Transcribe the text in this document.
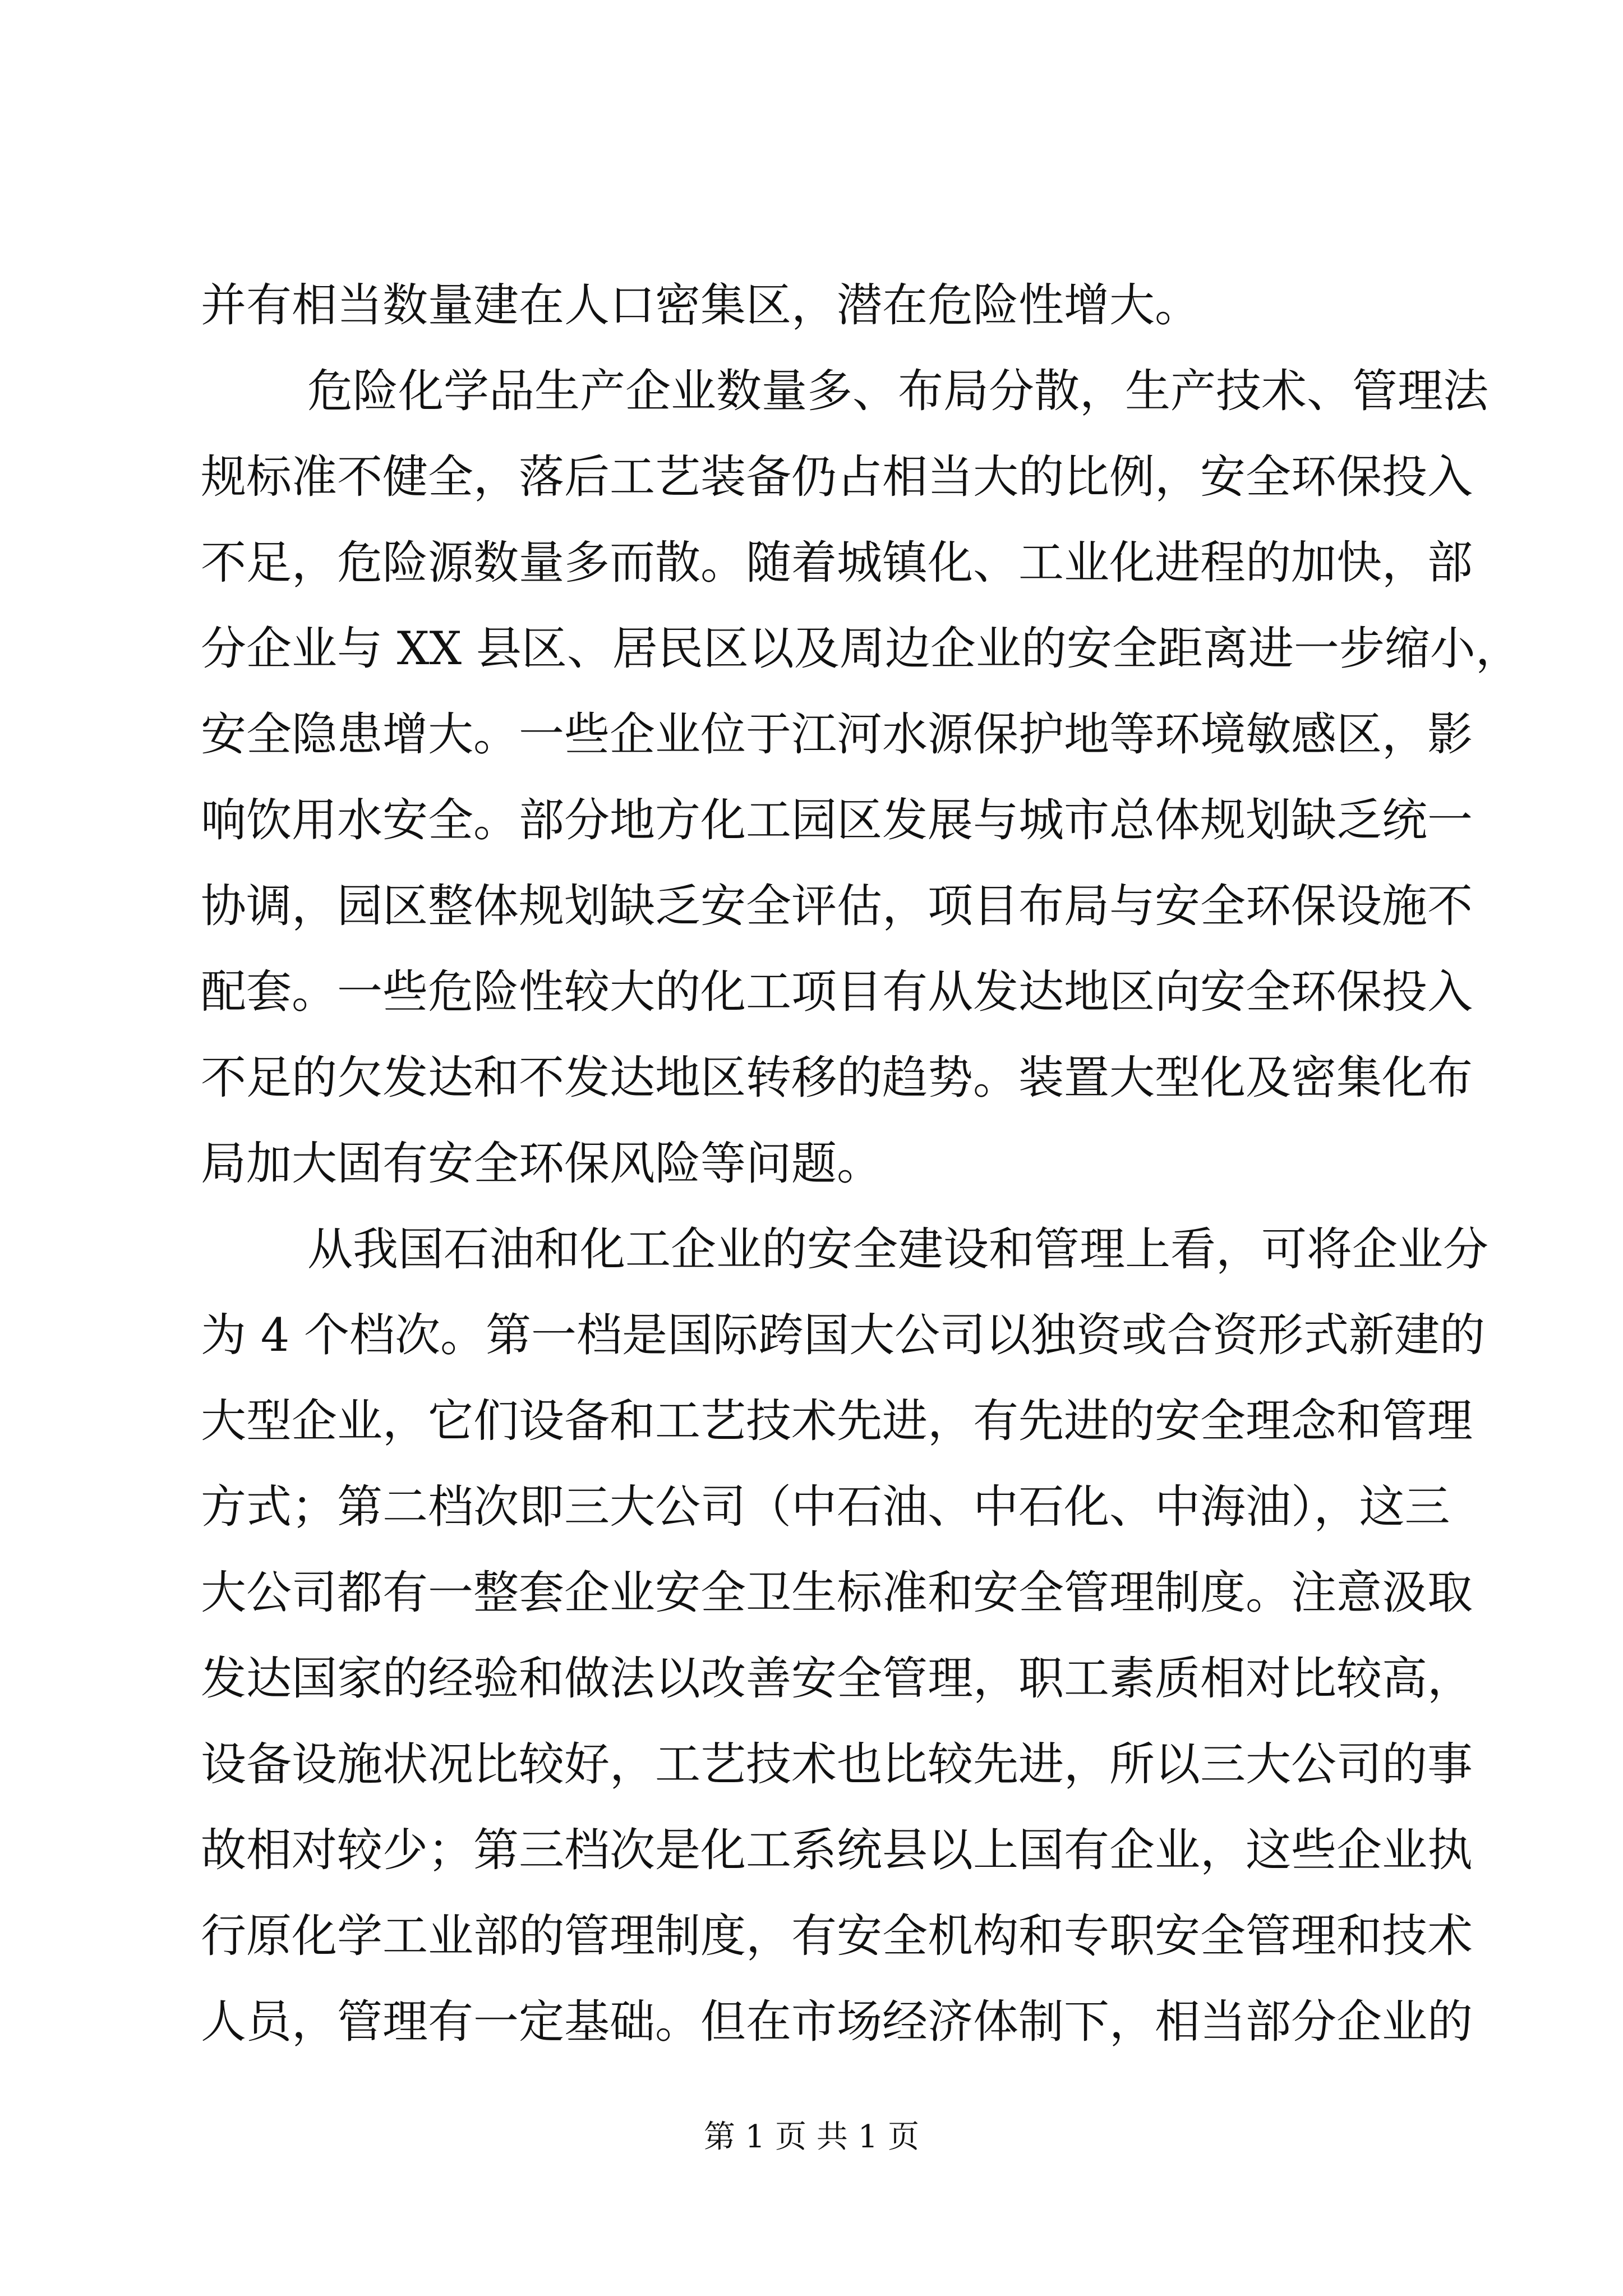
并有相当数量建在人口密集区，潜在危险性增大。
危险化学品生产企业数量多、布局分散，生产技术、管理法
规标准不健全，落后工艺装备仍占相当大的比例，安全环保投入
不足，危险源数量多而散。随着城镇化、工业化进程的加快，部
分企业与 XX 县区、居民区以及周边企业的安全距离进一步缩小，
安全隐患增大。一些企业位于江河水源保护地等环境敏感区，影
响饮用水安全。部分地方化工园区发展与城市总体规划缺乏统一
协调，园区整体规划缺乏安全评估，项目布局与安全环保设施不
配套。一些危险性较大的化工项目有从发达地区向安全环保投入
不足的欠发达和不发达地区转移的趋势。装置大型化及密集化布
局加大固有安全环保风险等问题。
从我国石油和化工企业的安全建设和管理上看，可将企业分
为 4 个档次。第一档是国际跨国大公司以独资或合资形式新建的
大型企业，它们设备和工艺技术先进，有先进的安全理念和管理
方式；第二档次即三大公司（中石油、中石化、中海油），这三
大公司都有一整套企业安全卫生标准和安全管理制度。注意汲取
发达国家的经验和做法以改善安全管理，职工素质相对比较高，
设备设施状况比较好，工艺技术也比较先进，所以三大公司的事
故相对较少；第三档次是化工系统县以上国有企业，这些企业执
行原化学工业部的管理制度，有安全机构和专职安全管理和技术
人员，管理有一定基础。但在市场经济体制下，相当部分企业的
第 1 页 共 1 页
